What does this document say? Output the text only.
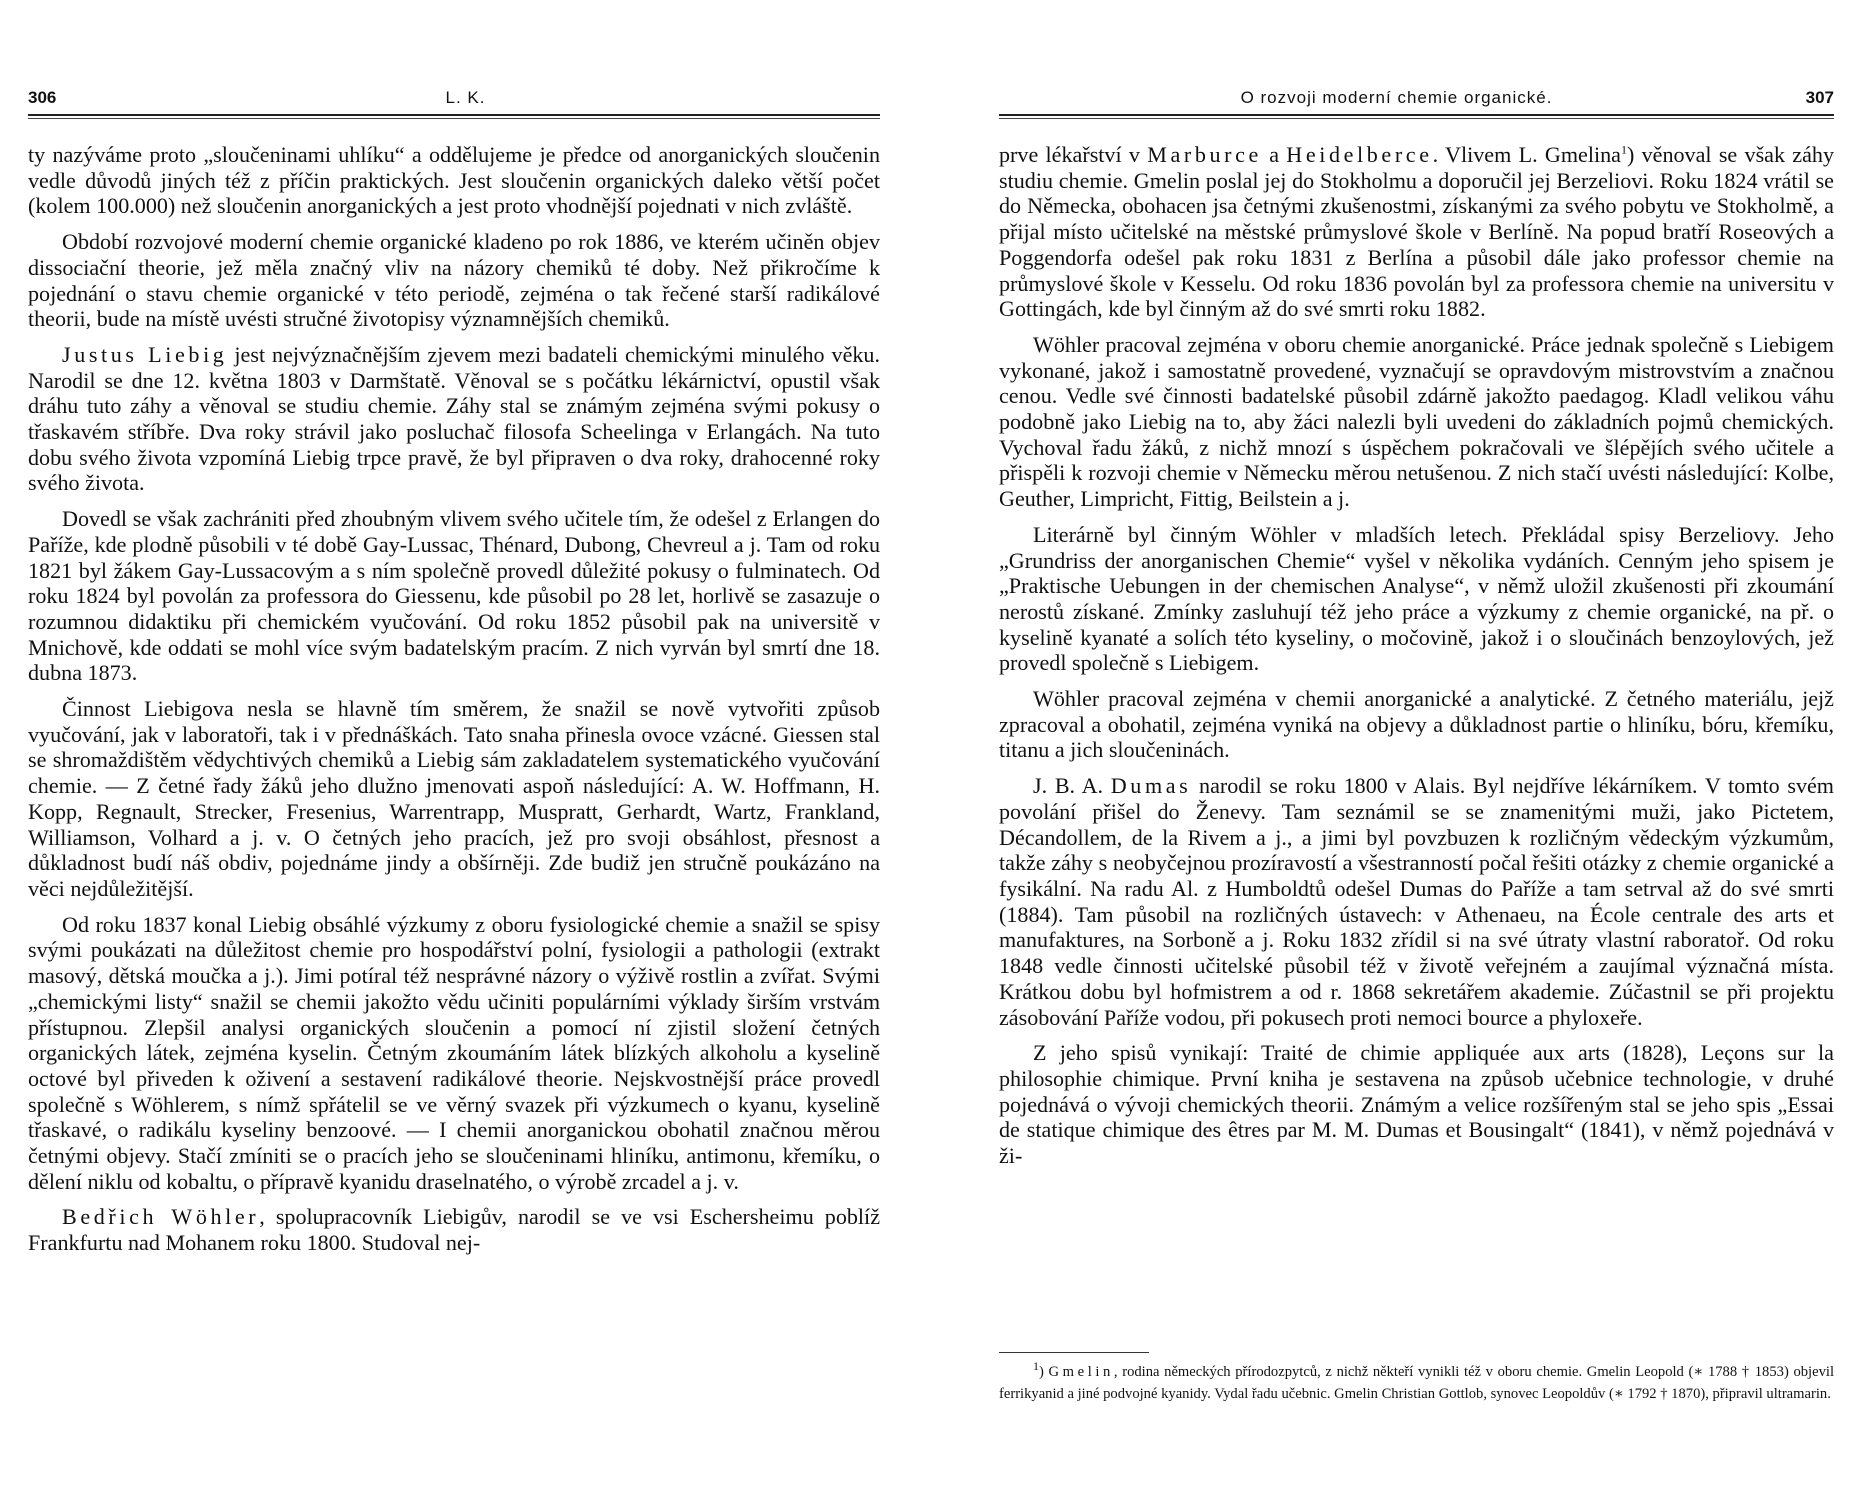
306	L. K.

ty nazýváme proto „sloučeninami uhlíku“ a oddělujeme je předce od anorganických sloučenin vedle důvodů jiných též z příčin praktických. Jest sloučenin organických daleko větší počet (kolem 100.000) než sloučenin anorganických a jest proto vhodnější pojednati v nich zvláště.

Období rozvojové moderní chemie organické kladeno po rok 1886, ve kterém učiněn objev dissociační theorie, jež měla značný vliv na názory chemiků té doby. Než přikročíme k pojednání o stavu chemie organické v této periodě, zejména o tak řečené starší radikálové theorii, bude na místě uvésti stručné životopisy významnějších chemiků.

Justus Liebig jest nejvýznačnějším zjevem mezi badateli chemickými minulého věku. Narodil se dne 12. května 1803 v Darmštatě. Věnoval se s počátku lékárnictví, opustil však dráhu tuto záhy a věnoval se studiu chemie. Záhy stal se známým zejména svými pokusy o třaskavém stříbře. Dva roky strávil jako posluchač filosofa Scheelinga v Erlangách. Na tuto dobu svého života vzpomíná Liebig trpce pravě, že byl připraven o dva roky, drahocenné roky svého života.

Dovedl se však zachrániti před zhoubným vlivem svého učitele tím, že odešel z Erlangen do Paříže, kde plodně působili v té době Gay-Lussac, Thénard, Dubong, Chevreul a j. Tam od roku 1821 byl žákem Gay-Lussacovým a s ním společně provedl důležité pokusy o fulminatech. Od roku 1824 byl povolán za professora do Giessenu, kde působil po 28 let, horlivě se zasazuje o rozumnou didaktiku při chemickém vyučování. Od roku 1852 působil pak na universitě v Mnichově, kde oddati se mohl více svým badatelským pracím. Z nich vyrván byl smrtí dne 18. dubna 1873.

Činnost Liebigova nesla se hlavně tím směrem, že snažil se nově vytvořiti způsob vyučování, jak v laboratoři, tak i v přednáškách. Tato snaha přinesla ovoce vzácné. Giessen stal se shromaždištěm vědychtivých chemiků a Liebig sám zakladatelem systematického vyučování chemie. — Z četné řady žáků jeho dlužno jmenovati aspoň následující: A. W. Hoffmann, H. Kopp, Regnault, Strecker, Fresenius, Warrentrapp, Muspratt, Gerhardt, Wartz, Frankland, Williamson, Volhard a j. v. O četných jeho pracích, jež pro svoji obsáhlost, přesnost a důkladnost budí náš obdiv, pojednáme jindy a obšírněji. Zde budiž jen stručně poukázáno na věci nejdůležitější.

Od roku 1837 konal Liebig obsáhlé výzkumy z oboru fysiologické chemie a snažil se spisy svými poukázati na důležitost chemie pro hospodářství polní, fysiologii a pathologii (extrakt masový, dětská moučka a j.). Jimi potíral též nesprávné názory o výživě rostlin a zvířat. Svými „chemickými listy“ snažil se chemii jakožto vědu učiniti populárními výklady širším vrstvám přístupnou. Zlepšil analysi organických sloučenin a pomocí ní zjistil složení četných organických látek, zejména kyselin. Četným zkoumáním látek blízkých alkoholu a kyselině octové byl přiveden k oživení a sestavení radikálové theorie. Nejskvostnější práce provedl společně s Wöhlerem, s nímž spřátelil se ve věrný svazek při výzkumech o kyanu, kyselině třaskavé, o radikálu kyseliny benzoové. — I chemii anorganickou obohatil značnou měrou četnými objevy. Stačí zmíniti se o pracích jeho se sloučeninami hliníku, antimonu, křemíku, o dělení niklu od kobaltu, o přípravě kyanidu draselnatého, o výrobě zrcadel a j. v.

Bedřich Wöhler, spolupracovník Liebigův, narodil se ve vsi Eschersheimu poblíž Frankfurtu nad Mohanem roku 1800. Studoval nej-

O rozvoji moderní chemie organické.	307

prve lékařství v Marburce a Heidelberce. Vlivem L. Gmelina$^1$) věnoval se však záhy studiu chemie. Gmelin poslal jej do Stokholmu a doporučil jej Berzeliovi. Roku 1824 vrátil se do Německa, obohacen jsa četnými zkušenostmi, získanými za svého pobytu ve Stokholmě, a přijal místo učitelské na městské průmyslové škole v Berlíně. Na popud bratří Roseových a Poggendorfa odešel pak roku 1831 z Berlína a působil dále jako professor chemie na průmyslové škole v Kesselu. Od roku 1836 povolán byl za professora chemie na universitu v Gottingách, kde byl činným až do své smrti roku 1882.

Wöhler pracoval zejména v oboru chemie anorganické. Práce jednak společně s Liebigem vykonané, jakož i samostatně provedené, vyznačují se opravdovým mistrovstvím a značnou cenou. Vedle své činnosti badatelské působil zdárně jakožto paedagog. Kladl velikou váhu podobně jako Liebig na to, aby žáci nalezli byli uvedeni do základních pojmů chemických. Vychoval řadu žáků, z nichž mnozí s úspěchem pokračovali ve šlépějích svého učitele a přispěli k rozvoji chemie v Německu měrou netušenou. Z nich stačí uvésti následující: Kolbe, Geuther, Limpricht, Fittig, Beilstein a j.

Literárně byl činným Wöhler v mladších letech. Překládal spisy Berzeliovy. Jeho „Grundriss der anorganischen Chemie“ vyšel v několika vydáních. Cenným jeho spisem je „Praktische Uebungen in der chemischen Analyse“, v němž uložil zkušenosti při zkoumání nerostů získané. Zmínky zasluhují též jeho práce a výzkumy z chemie organické, na př. o kyselině kyanaté a solích této kyseliny, o močovině, jakož i o sloučinách benzoylových, jež provedl společně s Liebigem.

Wöhler pracoval zejména v chemii anorganické a analytické. Z četného materiálu, jejž zpracoval a obohatil, zejména vyniká na objevy a důkladnost partie o hliníku, bóru, křemíku, titanu a jich sloučeninách.

J. B. A. Dumas narodil se roku 1800 v Alais. Byl nejdříve lékárníkem. V tomto svém povolání přišel do Ženevy. Tam seznámil se se znamenitými muži, jako Pictetem, Décandollem, de la Rivem a j., a jimi byl povzbuzen k rozličným vědeckým výzkumům, takže záhy s neobyčejnou prozíravostí a všestranností počal řešiti otázky z chemie organické a fysikální. Na radu Al. z Humboldtů odešel Dumas do Paříže a tam setrval až do své smrti (1884). Tam působil na rozličných ústavech: v Athenaeu, na École centrale des arts et manufaktures, na Sorboně a j. Roku 1832 zřídil si na své útraty vlastní raboratoř. Od roku 1848 vedle činnosti učitelské působil též v životě veřejném a zaujímal význačná místa. Krátkou dobu byl hofmistrem a od r. 1868 sekretářem akademie. Zúčastnil se při projektu zásobování Paříže vodou, při pokusech proti nemoci bource a phyloxeře.

Z jeho spisů vynikají: Traité de chimie appliquée aux arts (1828), Leçons sur la philosophie chimique. První kniha je sestavena na způsob učebnice technologie, v druhé pojednává o vývoji chemických theorii. Známým a velice rozšířeným stal se jeho spis „Essai de statique chimique des êtres par M. M. Dumas et Bousingalt“ (1841), v němž pojednává v ži-

$^1$) Gmelin, rodina německých přírodozpytců, z nichž někteří vynikli též v oboru chemie. Gmelin Leopold (∗ 1788 † 1853) objevil ferrikyanid a jiné podvojné kyanidy. Vydal řadu učebnic. Gmelin Christian Gottlob, synovec Leopoldův (∗ 1792 † 1870), připravil ultramarin.
